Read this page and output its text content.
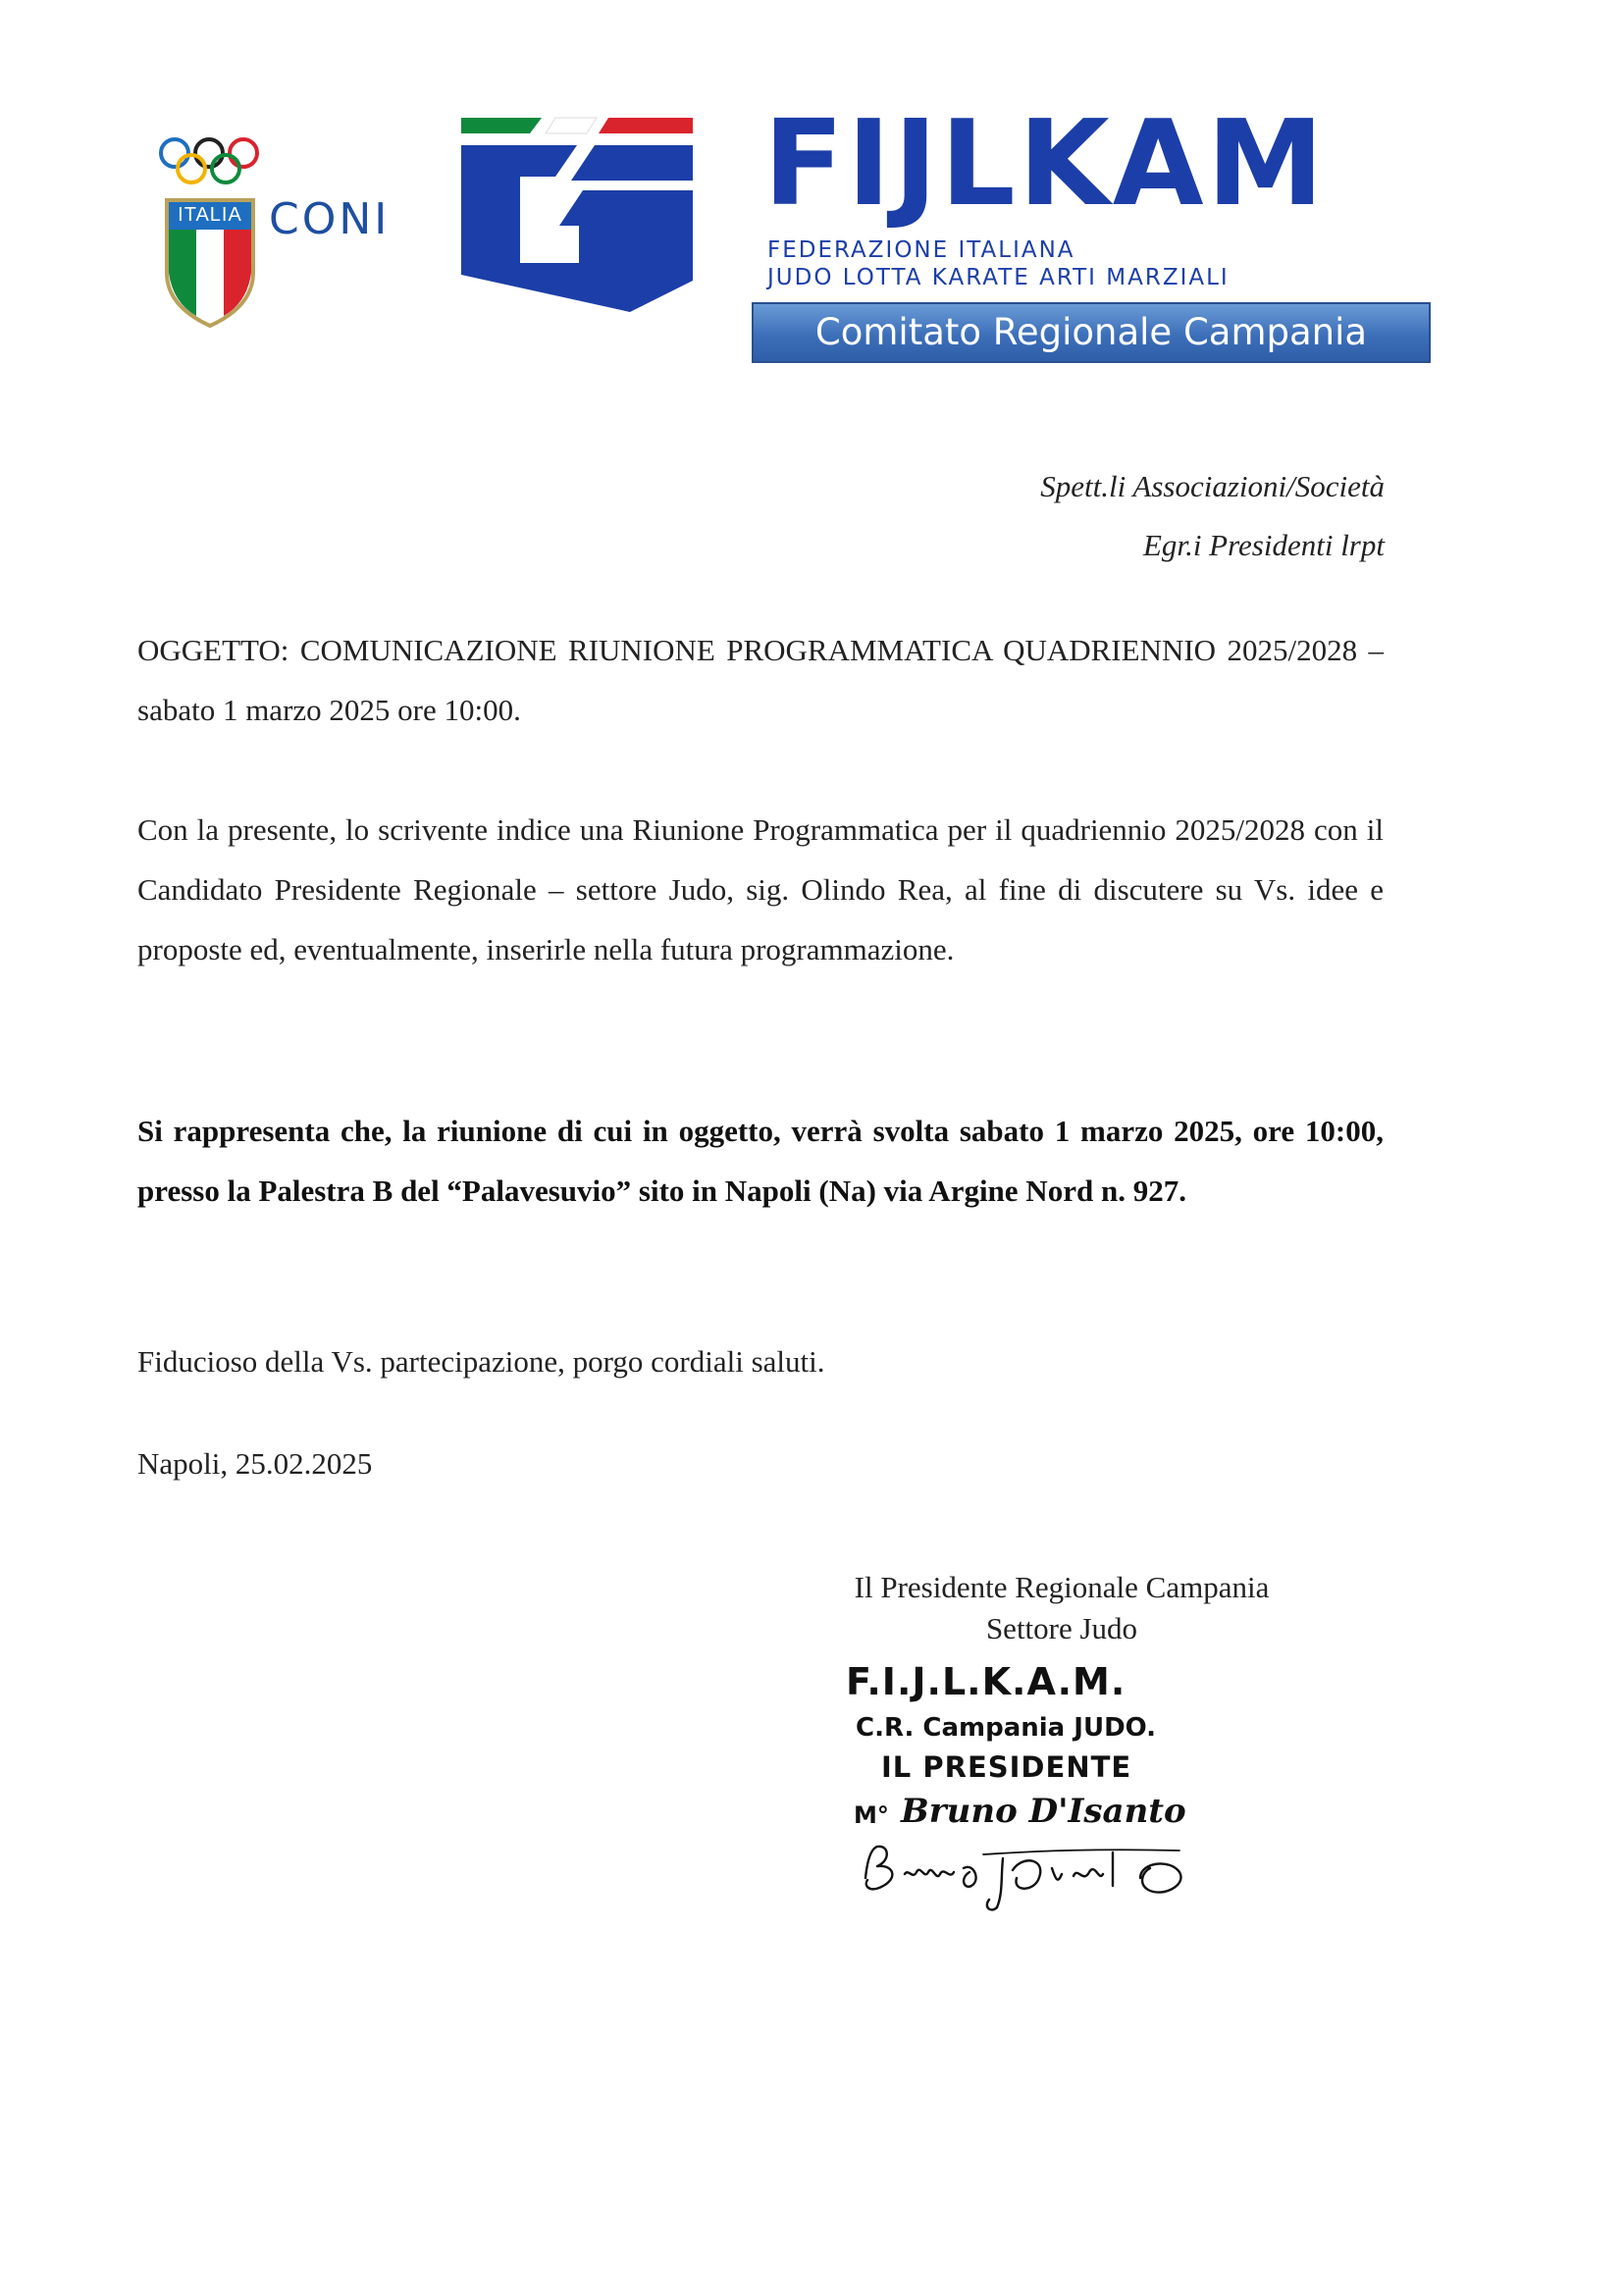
ITALIA CONI	FIJLKAM
FEDERAZIONE ITALIANA
JUDO LOTTA KARATE ARTI MARZIALI
Comitato Regionale Campania
Spett.li Associazioni/Società
Egr.i Presidenti lrpt
OGGETTO: COMUNICAZIONE RIUNIONE PROGRAMMATICA QUADRIENNIO 2025/2028 – sabato 1 marzo 2025 ore 10:00.
Con la presente, lo scrivente indice una Riunione Programmatica per il quadriennio 2025/2028 con il Candidato Presidente Regionale – settore Judo, sig. Olindo Rea, al fine di discutere su Vs. idee e proposte ed, eventualmente, inserirle nella futura programmazione.
Si rappresenta che, la riunione di cui in oggetto, verrà svolta sabato 1 marzo 2025, ore 10:00, presso la Palestra B del “Palavesuvio” sito in Napoli (Na) via Argine Nord n. 927.
Fiducioso della Vs. partecipazione, porgo cordiali saluti.
Napoli, 25.02.2025
Il Presidente Regionale Campania
Settore Judo
F.I.J.L.K.A.M.
C.R. Campania JUDO.
IL PRESIDENTE
M° Bruno D'Isanto
